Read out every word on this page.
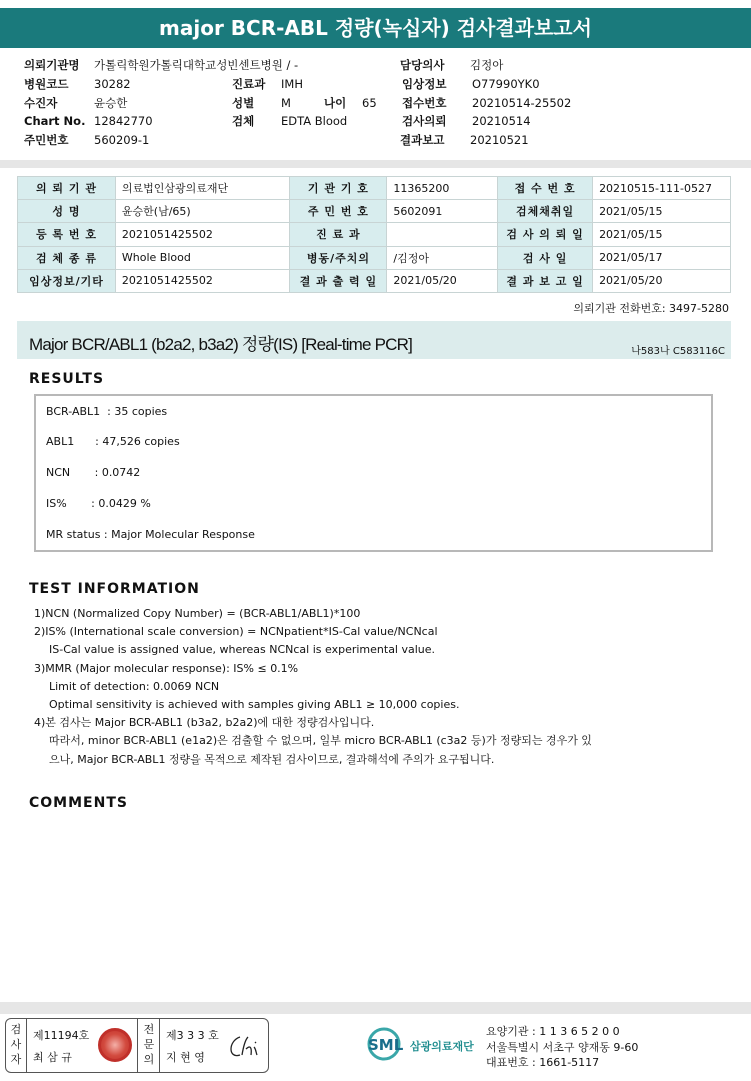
major BCR-ABL 정량(녹십자) 검사결과보고서
의뢰기관명	가톨릭학원가톨릭대학교성빈센트병원 / -	담당의사	김정아
병원코드	30282	진료과	IMH	임상정보	O77990YK0
수진자	윤승한	성별	M	나이	65	접수번호	20210514-25502
Chart No. 12842770	검체	EDTA Blood	검사의뢰	20210514
주민번호	560209-1	결과보고	20210521
의 뢰 기 관	의료법인삼광의료재단	기 관 기 호	11365200	접 수 번 호	20210515-111-0527
성 명	윤승한(남/65)	주 민 번 호	5602091	검체채취일	2021/05/15
등 록 번 호	2021051425502	진 료 과		검 사 의 뢰 일	2021/05/15
검 체 종 류	Whole Blood	병동/주치의	/김정아	검 사 일	2021/05/17
임상정보/기타	2021051425502	결 과 출 력 일	2021/05/20	결 과 보 고 일	2021/05/20
의뢰기관 전화번호: 3497-5280
Major BCR/ABL1 (b2a2, b3a2) 정량(IS) [Real-time PCR]	나583나 C583116C
RESULTS
BCR-ABL1  : 35 copies
ABL1      : 47,526 copies
NCN       : 0.0742
IS%       : 0.0429 %
MR status : Major Molecular Response
TEST INFORMATION
1)NCN (Normalized Copy Number) = (BCR-ABL1/ABL1)*100
2)IS% (International scale conversion) = NCNpatient*IS-Cal value/NCNcal
IS-Cal value is assigned value, whereas NCNcal is experimental value.
3)MMR (Major molecular response): IS% ≤ 0.1%
Limit of detection: 0.0069 NCN
Optimal sensitivity is achieved with samples giving ABL1 ≥ 10,000 copies.
4)본 검사는 Major BCR-ABL1 (b3a2, b2a2)에 대한 정량검사입니다.
따라서, minor BCR-ABL1 (e1a2)은 검출할 수 없으며, 일부 micro BCR-ABL1 (c3a2 등)가 정량되는 경우가 있
으나, Major BCR-ABL1 정량을 목적으로 제작된 검사이므로, 결과해석에 주의가 요구됩니다.
COMMENTS
검
사
자
제11194호
최 삼 규
전
문
의
제3 3 3 호
지 현 영
SML 삼광의료재단
요양기관 : 1 1 3 6 5 2 0 0
서울특별시 서초구 양재동 9-60
대표번호 : 1661-5117
